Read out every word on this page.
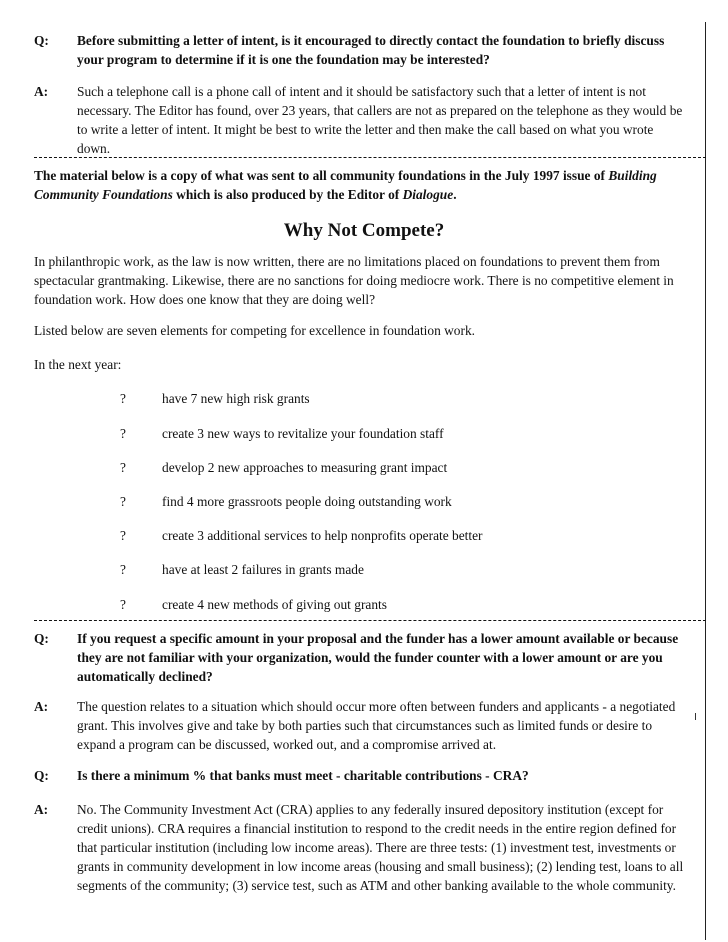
Q: Before submitting a letter of intent, is it encouraged to directly contact the foundation to briefly discuss your program to determine if it is one the foundation may be interested?
A: Such a telephone call is a phone call of intent and it should be satisfactory such that a letter of intent is not necessary. The Editor has found, over 23 years, that callers are not as prepared on the telephone as they would be to write a letter of intent. It might be best to write the letter and then make the call based on what you wrote down.
The material below is a copy of what was sent to all community foundations in the July 1997 issue of Building Community Foundations which is also produced by the Editor of Dialogue.
Why Not Compete?
In philanthropic work, as the law is now written, there are no limitations placed on foundations to prevent them from spectacular grantmaking. Likewise, there are no sanctions for doing mediocre work. There is no competitive element in foundation work. How does one know that they are doing well?
Listed below are seven elements for competing for excellence in foundation work.
In the next year:
?	have 7 new high risk grants
?	create 3 new ways to revitalize your foundation staff
?	develop 2 new approaches to measuring grant impact
?	find 4 more grassroots people doing outstanding work
?	create 3 additional services to help nonprofits operate better
?	have at least 2 failures in grants made
?	create 4 new methods of giving out grants
Q: If you request a specific amount in your proposal and the funder has a lower amount available or because they are not familiar with your organization, would the funder counter with a lower amount or are you automatically declined?
A: The question relates to a situation which should occur more often between funders and applicants - a negotiated grant. This involves give and take by both parties such that circumstances such as limited funds or desire to expand a program can be discussed, worked out, and a compromise arrived at.
Q: Is there a minimum % that banks must meet - charitable contributions - CRA?
A: No. The Community Investment Act (CRA) applies to any federally insured depository institution (except for credit unions). CRA requires a financial institution to respond to the credit needs in the entire region defined for that particular institution (including low income areas). There are three tests: (1) investment test, investments or grants in community development in low income areas (housing and small business); (2) lending test, loans to all segments of the community; (3) service test, such as ATM and other banking available to the whole community.
